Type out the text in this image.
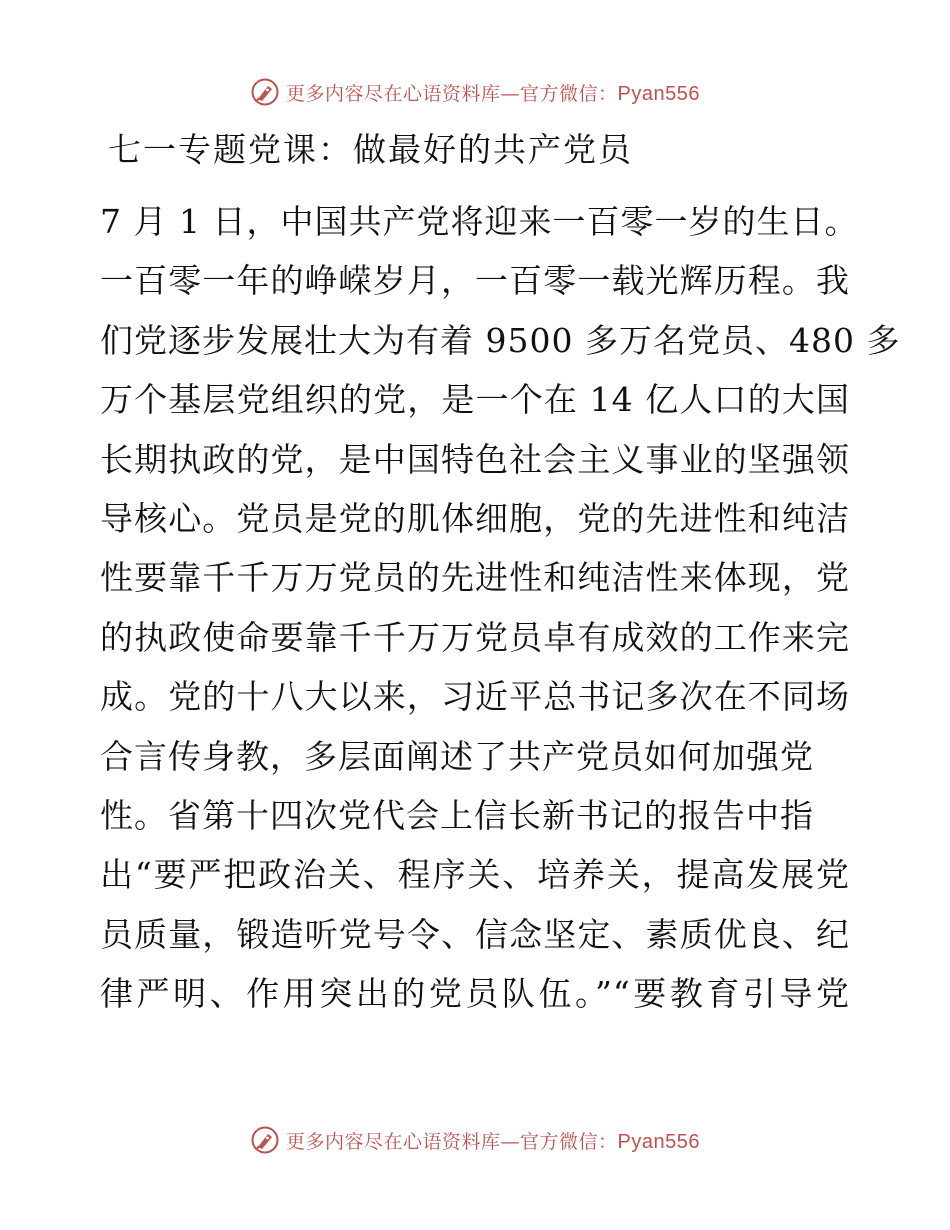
更多内容尽在心语资料库—官方微信：Pyan556
七一专题党课：做最好的共产党员
7 月 1 日，中国共产党将迎来一百零一岁的生日。
一百零一年的峥嵘岁月，一百零一载光辉历程。我
们党逐步发展壮大为有着 9500 多万名党员、480 多
万个基层党组织的党，是一个在 14 亿人口的大国
长期执政的党，是中国特色社会主义事业的坚强领
导核心。党员是党的肌体细胞，党的先进性和纯洁
性要靠千千万万党员的先进性和纯洁性来体现，党
的执政使命要靠千千万万党员卓有成效的工作来完
成。党的十八大以来，习近平总书记多次在不同场
合言传身教，多层面阐述了共产党员如何加强党
性。省第十四次党代会上信长新书记的报告中指
出“要严把政治关、程序关、培养关，提高发展党
员质量，锻造听党号令、信念坚定、素质优良、纪
律严明、作用突出的党员队伍。”“要教育引导党
更多内容尽在心语资料库—官方微信：Pyan556
